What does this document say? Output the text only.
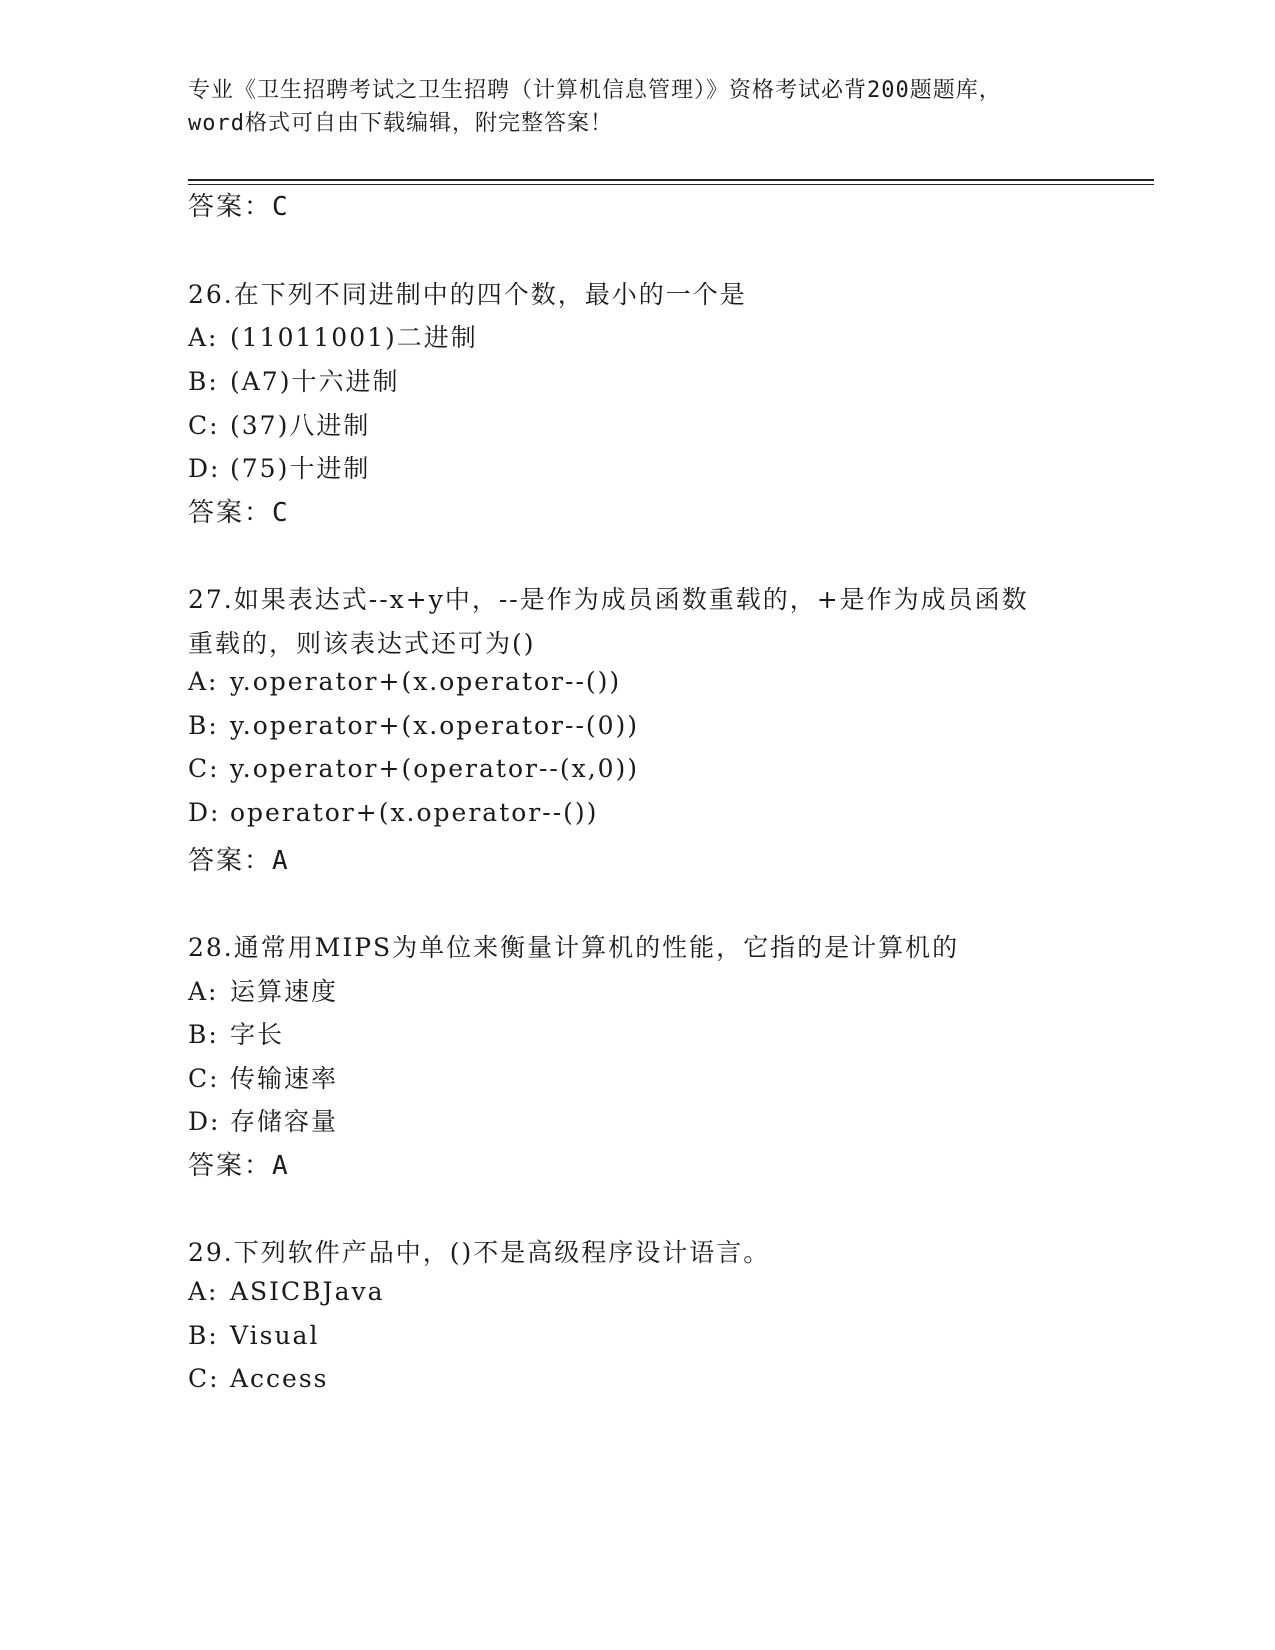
专业《卫生招聘考试之卫生招聘（计算机信息管理）》资格考试必背200题题库，
word格式可自由下载编辑，附完整答案！
答案：C
26.在下列不同进制中的四个数，最小的一个是
A: (11011001)二进制
B: (A7)十六进制
C: (37)八进制
D: (75)十进制
答案：C
27.如果表达式--x+y中，--是作为成员函数重载的，+是作为成员函数
重载的，则该表达式还可为()
A: y.operator+(x.operator--())
B: y.operator+(x.operator--(0))
C: y.operator+(operator--(x,0))
D: operator+(x.operator--())
答案：A
28.通常用MIPS为单位来衡量计算机的性能，它指的是计算机的
A: 运算速度
B: 字长
C: 传输速率
D: 存储容量
答案：A
29.下列软件产品中，()不是高级程序设计语言。
A: ASICBJava
B: Visual
C: Access
